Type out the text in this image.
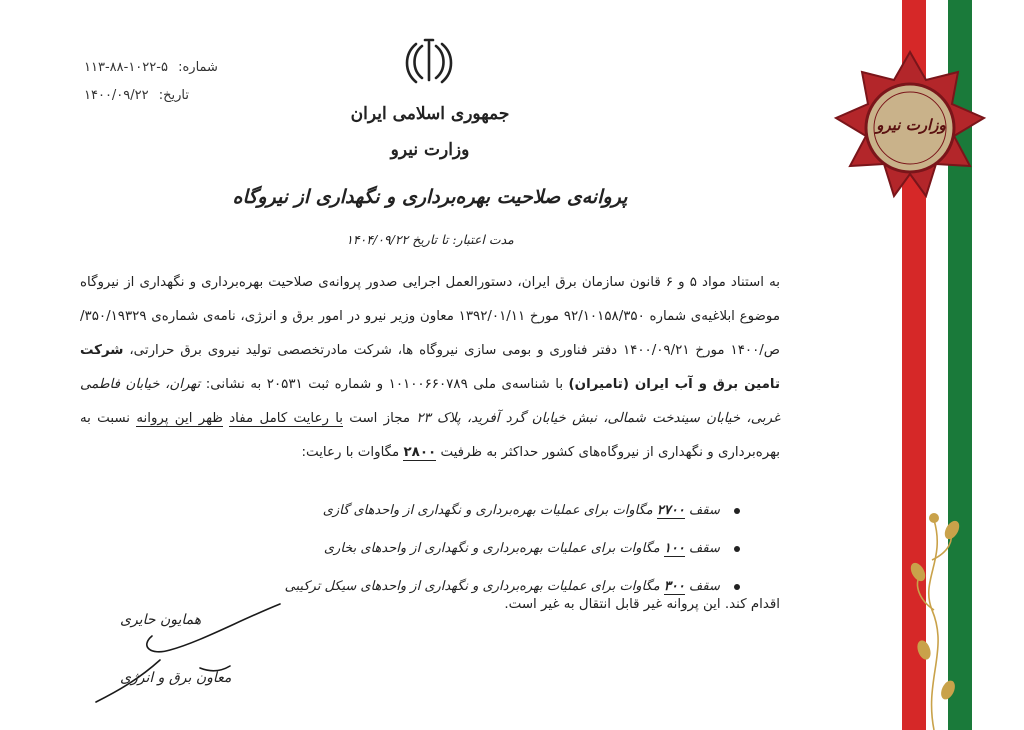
شماره: ۵-۱۰۲۲-۸۸-۱۱۳
تاریخ: ۱۴۰۰/۰۹/۲۲
جمهوری اسلامی ایران
وزارت نیرو
پروانه‌ی صلاحیت بهره‌برداری و نگهداری از نیروگاه
مدت اعتبار: تا تاریخ ۱۴۰۴/۰۹/۲۲

به استناد مواد ۵ و ۶ قانون سازمان برق ایران، دستورالعمل اجرایی صدور پروانه‌ی صلاحیت بهره‌برداری و نگهداری از نیروگاه موضوع ابلاغیه‌ی شماره ۹۲/۱۰۱۵۸/۳۵۰ مورخ ۱۳۹۲/۰۱/۱۱ معاون وزیر نیرو در امور برق و انرژی، نامه‌ی شماره‌ی ۳۵۰/۱۹۳۲۹/ص/۱۴۰۰ مورخ ۱۴۰۰/۰۹/۲۱ دفتر فناوری و بومی سازی نیروگاه ها، شرکت مادرتخصصی تولید نیروی برق حرارتی، شرکت تامین برق و آب ایران (تامیران) با شناسه‌ی ملی ۱۰۱۰۰۶۶۰۷۸۹ و شماره ثبت ۲۰۵۳۱ به نشانی: تهران، خیابان فاطمی غربی، خیابان سیندخت شمالی، نبش خیابان گرد آفرید، پلاک ۲۳ مجاز است با رعایت کامل مفاد ظهر این پروانه نسبت به بهره‌برداری و نگهداری از نیروگاه‌های کشور حداکثر به ظرفیت ۲۸۰۰ مگاوات با رعایت:

سقف ۲۷۰۰ مگاوات برای عملیات بهره‌برداری و نگهداری از واحدهای گازی
سقف ۱۰۰ مگاوات برای عملیات بهره‌برداری و نگهداری از واحدهای بخاری
سقف ۳۰۰ مگاوات برای عملیات بهره‌برداری و نگهداری از واحدهای سیکل ترکیبی

اقدام کند. این پروانه غیر قابل انتقال به غیر است.

همایون حایری
معاون برق و انرژی
وزارت نیرو
